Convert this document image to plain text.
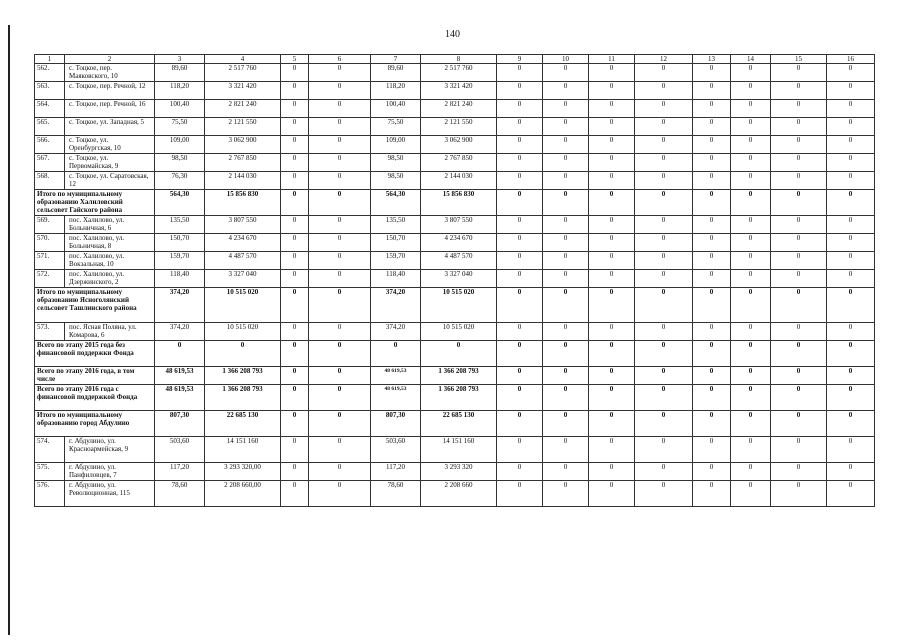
140
1	2	3	4	5	6	7	8	9	10	11	12	13	14	15	16
562.	с. Тоцкое, пер. Маяковского, 10	89,60	2 517 760	0	0	89,60	2 517 760	0	0	0	0	0	0	0	0
563.	с. Тоцкое, пер. Речной, 12	118,20	3 321 420	0	0	118,20	3 321 420	0	0	0	0	0	0	0	0
564.	с. Тоцкое, пер. Речной, 16	100,40	2 821 240	0	0	100,40	2 821 240	0	0	0	0	0	0	0	0
565.	с. Тоцкое, ул. Западная, 5	75,50	2 121 550	0	0	75,50	2 121 550	0	0	0	0	0	0	0	0
566.	с. Тоцкое, ул. Оренбургская, 10	109,00	3 062 900	0	0	109,00	3 062 900	0	0	0	0	0	0	0	0
567.	с. Тоцкое, ул. Первомайская, 9	98,50	2 767 850	0	0	98,50	2 767 850	0	0	0	0	0	0	0	0
568.	с. Тоцкое, ул. Саратовская, 12	76,30	2 144 030	0	0	98,50	2 144 030	0	0	0	0	0	0	0	0
Итого по муниципальному образованию Халиловский сельсовет Гайского района		564,30	15 856 830	0	0	564,30	15 856 830	0	0	0	0	0	0	0	0
569.	пос. Халилово, ул. Больничная, 6	135,50	3 807 550	0	0	135,50	3 807 550	0	0	0	0	0	0	0	0
570.	пос. Халилово, ул. Больничная, 8	150,70	4 234 670	0	0	150,70	4 234 670	0	0	0	0	0	0	0	0
571.	пос. Халилово, ул. Вокзальная, 10	159,70	4 487 570	0	0	159,70	4 487 570	0	0	0	0	0	0	0	0
572.	пос. Халилово, ул. Дзержинского, 2	118,40	3 327 040	0	0	118,40	3 327 040	0	0	0	0	0	0	0	0
Итого по муниципальному образованию Ясноголянский сельсовет Ташлинского района		374,20	10 515 020	0	0	374,20	10 515 020	0	0	0	0	0	0	0	0
573.	пос. Ясная Поляна, ул. Комарова, 6	374,20	10 515 020	0	0	374,20	10 515 020	0	0	0	0	0	0	0	0
Всего по этапу 2015 года без финансовой поддержки Фонда		0	0	0	0	0	0	0	0	0	0	0	0	0	0
Всего по этапу 2016 года, в том числе		48 619,53	1 366 208 793	0	0	48 619,53	1 366 208 793	0	0	0	0	0	0	0	0
Всего по этапу 2016 года с финансовой поддержкой Фонда		48 619,53	1 366 208 793	0	0	48 619,53	1 366 208 793	0	0	0	0	0	0	0	0
Итого по муниципальному образованию город Абдулино		807,30	22 685 130	0	0	807,30	22 685 130	0	0	0	0	0	0	0	0
574.	г. Абдулино, ул. Красноармейская, 9	503,60	14 151 160	0	0	503,60	14 151 160	0	0	0	0	0	0	0	0
575.	г. Абдулино, ул. Панфиловцев, 7	117,20	3 293 320,00	0	0	117,20	3 293 320	0	0	0	0	0	0	0	0
576.	г. Абдулино, ул. Революционная, 115	78,60	2 208 660,00	0	0	78,60	2 208 660	0	0	0	0	0	0	0	0
